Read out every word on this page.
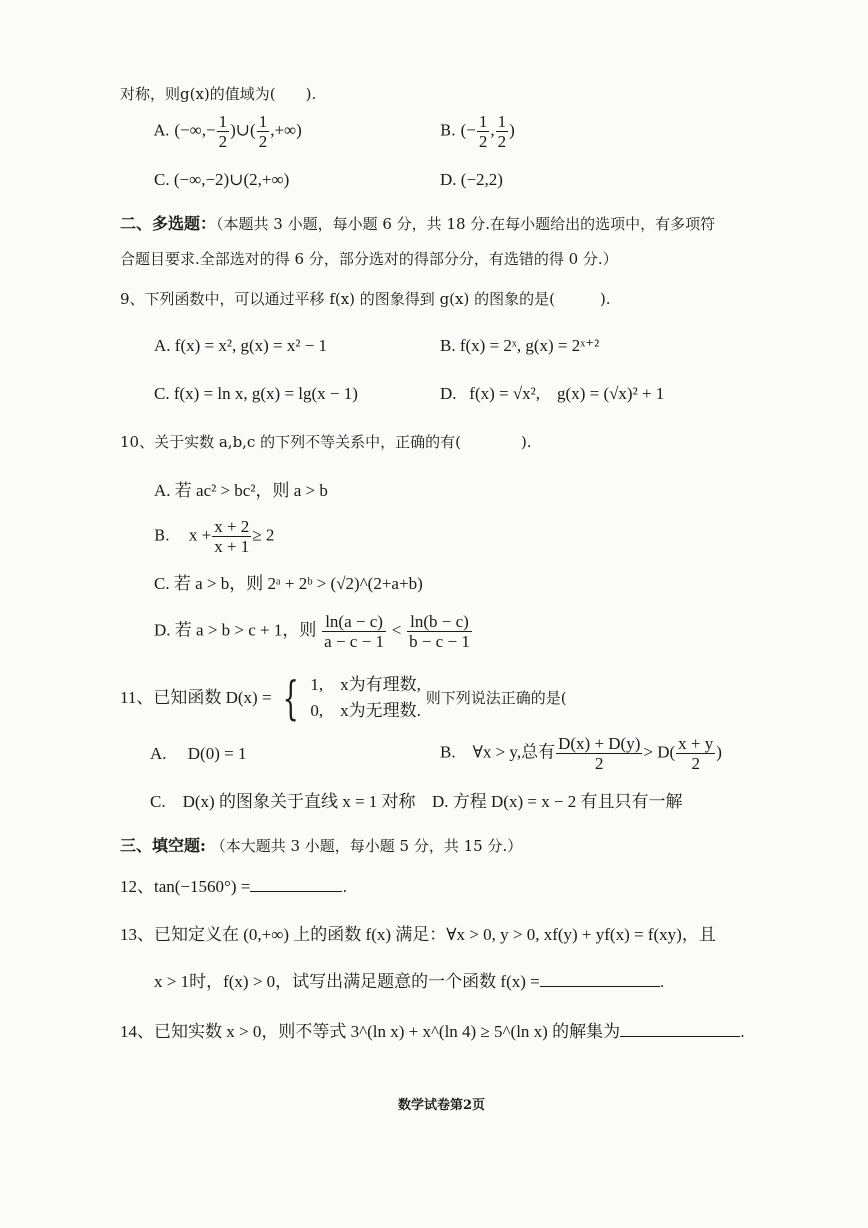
对称，则g(x)的值域为(　　).
A. (−∞,− $\frac{1}{2}$ )∪( $\frac{1}{2}$ ,+∞)	B. (− $\frac{1}{2}$ , $\frac{1}{2}$ )
C. (−∞,−2)∪(2,+∞)	D. (−2,2)
二、多选题：（本题共 3 小题，每小题 6 分，共 18 分.在每小题给出的选项中，有多项符
合题目要求.全部选对的得 6 分，部分选对的得部分分，有选错的得 0 分.）
9、下列函数中，可以通过平移 f(x) 的图象得到 g(x) 的图象的是(　　　).
A. f(x) = x², g(x) = x² − 1	B. f(x) = 2ˣ, g(x) = 2ˣ⁺²
C. f(x) = ln x, g(x) = lg(x − 1)	D. f(x) = √x², g(x) = (√x)² + 1
10、关于实数 a,b,c 的下列不等关系中，正确的有(　　　　).
A. 若 ac² > bc²，则 a > b
B. $x + \frac{x + 2}{x + 1} \ge 2$
C. 若 a > b，则 2ᵃ + 2ᵇ > (√2)^(2+a+b)
D. 若 a > b > c + 1，则 $\frac{\ln(a - c)}{a - c - 1} < \frac{\ln(b - c)}{b - c - 1}$
11、已知函数 D(x) = { 1,　x为有理数,
0,　x为无理数.
则下列说法正确的是(
A.　 D(0) = 1	B.　∀x > y,总有 $\frac{D(x) + D(y)}{2} > D( \frac{x + y}{2}$ )
C.　D(x) 的图象关于直线 x = 1 对称 D. 方程 D(x) = x − 2 有且只有一解
三、填空题: （本大题共 3 小题，每小题 5 分，共 15 分.）
12、tan(−1560°) =	.
13、已知定义在 (0,+∞) 上的函数 f(x) 满足：∀x > 0, y > 0, xf(y) + yf(x) = f(xy)，且
x > 1时，f(x) > 0，试写出满足题意的一个函数 f(x) =	.
14、已知实数 x > 0，则不等式 3^(ln x) + x^(ln 4) ≥ 5^(ln x) 的解集为	.
数学试卷第2页
